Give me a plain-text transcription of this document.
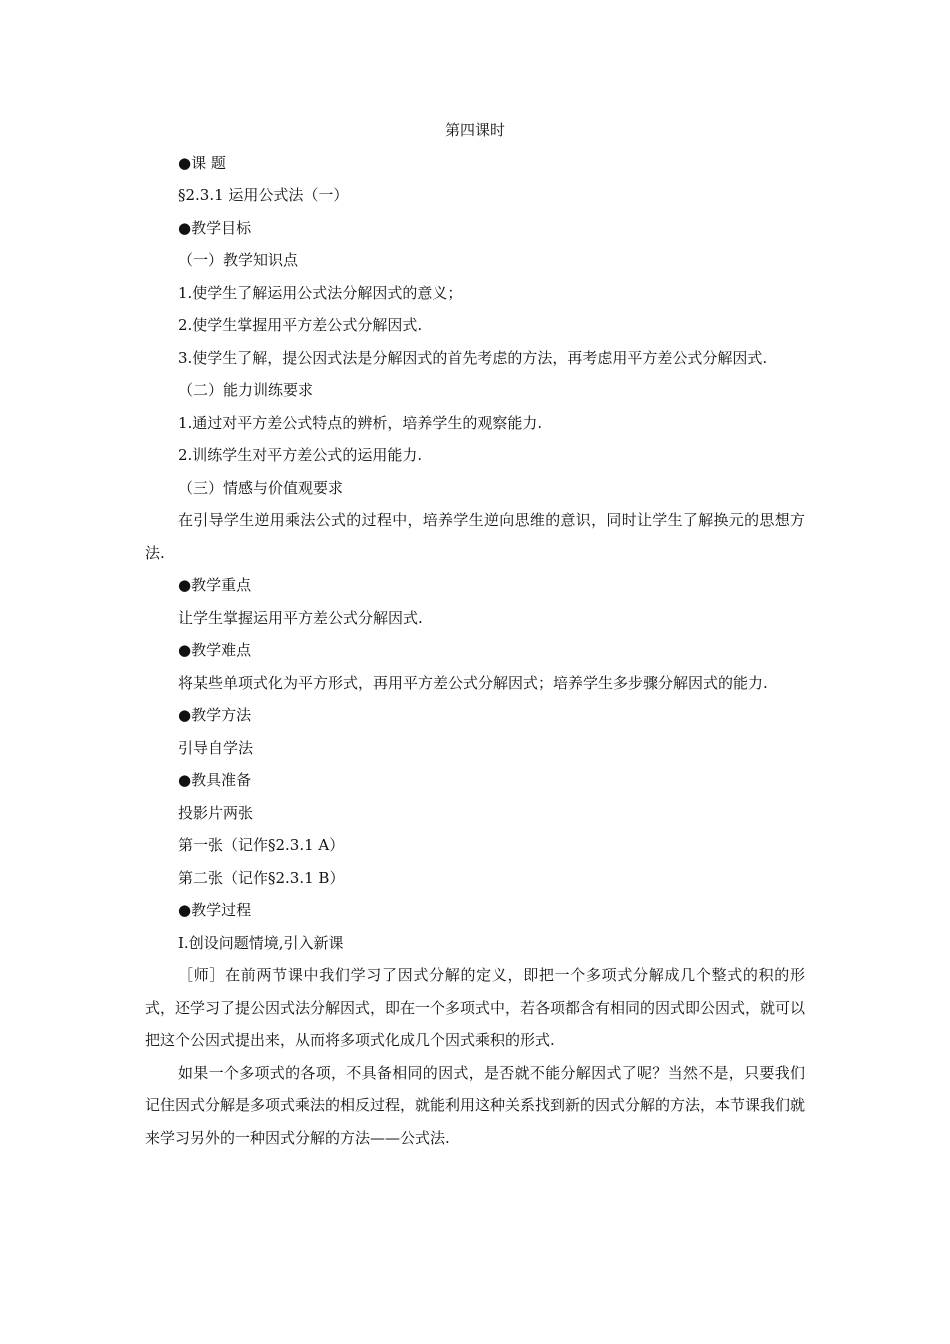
第四课时

●课 题

§2.3.1 运用公式法（一）

●教学目标

（一）教学知识点

1.使学生了解运用公式法分解因式的意义；

2.使学生掌握用平方差公式分解因式.

3.使学生了解，提公因式法是分解因式的首先考虑的方法，再考虑用平方差公式分解因式.

（二）能力训练要求

1.通过对平方差公式特点的辨析，培养学生的观察能力.

2.训练学生对平方差公式的运用能力.

（三）情感与价值观要求

在引导学生逆用乘法公式的过程中，培养学生逆向思维的意识，同时让学生了解换元的思想方法.

●教学重点

让学生掌握运用平方差公式分解因式.

●教学难点

将某些单项式化为平方形式，再用平方差公式分解因式；培养学生多步骤分解因式的能力.

●教学方法

引导自学法

●教具准备

投影片两张

第一张（记作§2.3.1 A）

第二张（记作§2.3.1 B）

●教学过程

Ⅰ.创设问题情境,引入新课

［师］在前两节课中我们学习了因式分解的定义，即把一个多项式分解成几个整式的积的形式，还学习了提公因式法分解因式，即在一个多项式中，若各项都含有相同的因式即公因式，就可以把这个公因式提出来，从而将多项式化成几个因式乘积的形式.

如果一个多项式的各项，不具备相同的因式，是否就不能分解因式了呢？当然不是，只要我们记住因式分解是多项式乘法的相反过程，就能利用这种关系找到新的因式分解的方法，本节课我们就来学习另外的一种因式分解的方法——公式法.
